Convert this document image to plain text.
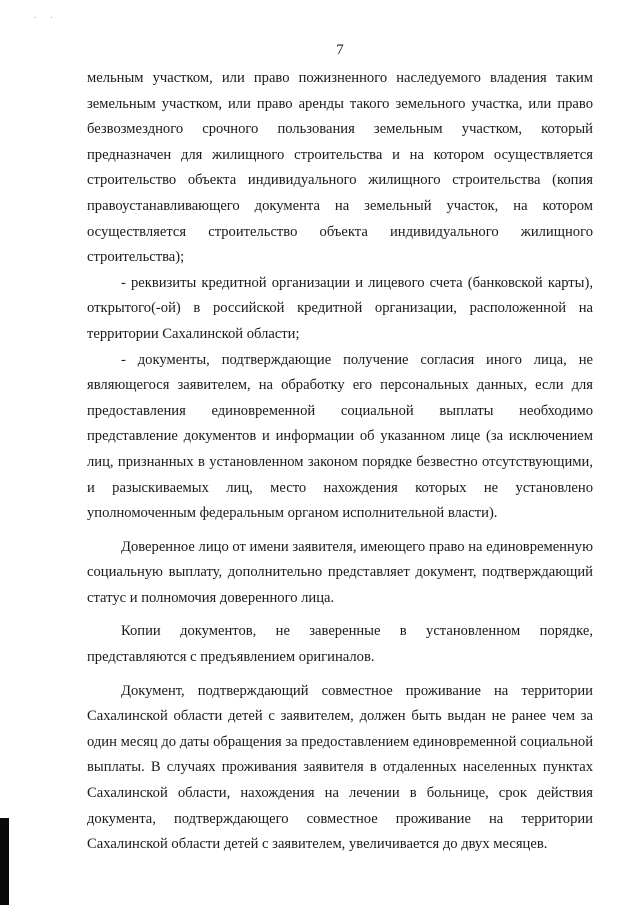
· ·
7

мельным участком, или право пожизненного наследуемого владения таким земельным участком, или право аренды такого земельного участка, или право безвозмездного срочного пользования земельным участком, который предназначен для жилищного строительства и на котором осуществляется строительство объекта индивидуального жилищного строительства (копия правоустанавливающего документа на земельный участок, на котором осуществляется строительство объекта индивидуального жилищного строительства);

- реквизиты кредитной организации и лицевого счета (банковской карты), открытого(-ой) в российской кредитной организации, расположенной на территории Сахалинской области;

- документы, подтверждающие получение согласия иного лица, не являющегося заявителем, на обработку его персональных данных, если для предоставления единовременной социальной выплаты необходимо представление документов и информации об указанном лице (за исключением лиц, признанных в установленном законом порядке безвестно отсутствующими, и разыскиваемых лиц, место нахождения которых не установлено уполномоченным федеральным органом исполнительной власти).

Доверенное лицо от имени заявителя, имеющего право на единовременную социальную выплату, дополнительно представляет документ, подтверждающий статус и полномочия доверенного лица.

Копии документов, не заверенные в установленном порядке, представляются с предъявлением оригиналов.

Документ, подтверждающий совместное проживание на территории Сахалинской области детей с заявителем, должен быть выдан не ранее чем за один месяц до даты обращения за предоставлением единовременной социальной выплаты. В случаях проживания заявителя в отдаленных населенных пунктах Сахалинской области, нахождения на лечении в больнице, срок действия документа, подтверждающего совместное проживание на территории Сахалинской области детей с заявителем, увеличивается до двух месяцев.
